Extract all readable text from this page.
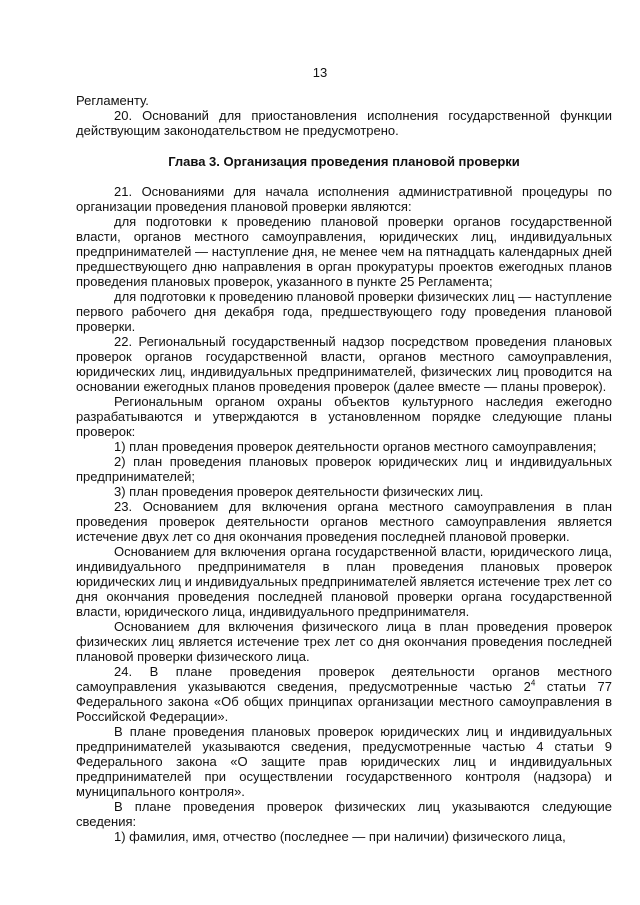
13

Регламенту.

20. Оснований для приостановления исполнения государственной функции действующим законодательством не предусмотрено.

Глава 3. Организация проведения плановой проверки

21. Основаниями для начала исполнения административной процедуры по организации проведения плановой проверки являются:

для подготовки к проведению плановой проверки органов государственной власти, органов местного самоуправления, юридических лиц, индивидуальных предпринимателей — наступление дня, не менее чем на пятнадцать календарных дней предшествующего дню направления в орган прокуратуры проектов ежегодных планов проведения плановых проверок, указанного в пункте 25 Регламента;

для подготовки к проведению плановой проверки физических лиц — наступление первого рабочего дня декабря года, предшествующего году проведения плановой проверки.

22. Региональный государственный надзор посредством проведения плановых проверок органов государственной власти, органов местного самоуправления, юридических лиц, индивидуальных предпринимателей, физических лиц проводится на основании ежегодных планов проведения проверок (далее вместе — планы проверок).

Региональным органом охраны объектов культурного наследия ежегодно разрабатываются и утверждаются в установленном порядке следующие планы проверок:

1) план проведения проверок деятельности органов местного самоуправления;

2) план проведения плановых проверок юридических лиц и индивидуальных предпринимателей;

3) план проведения проверок деятельности физических лиц.

23. Основанием для включения органа местного самоуправления в план проведения проверок деятельности органов местного самоуправления является истечение двух лет со дня окончания проведения последней плановой проверки.

Основанием для включения органа государственной власти, юридического лица, индивидуального предпринимателя в план проведения плановых проверок юридических лиц и индивидуальных предпринимателей является истечение трех лет со дня окончания проведения последней плановой проверки органа государственной власти, юридического лица, индивидуального предпринимателя.

Основанием для включения физического лица в план проведения проверок физических лиц является истечение трех лет со дня окончания проведения последней плановой проверки физического лица.

24. В плане проведения проверок деятельности органов местного самоуправления указываются сведения, предусмотренные частью $2^4$ статьи 77 Федерального закона «Об общих принципах организации местного самоуправления в Российской Федерации».

В плане проведения плановых проверок юридических лиц и индивидуальных предпринимателей указываются сведения, предусмотренные частью 4 статьи 9 Федерального закона «О защите прав юридических лиц и индивидуальных предпринимателей при осуществлении государственного контроля (надзора) и муниципального контроля».

В плане проведения проверок физических лиц указываются следующие сведения:

1) фамилия, имя, отчество (последнее — при наличии) физического лица,
